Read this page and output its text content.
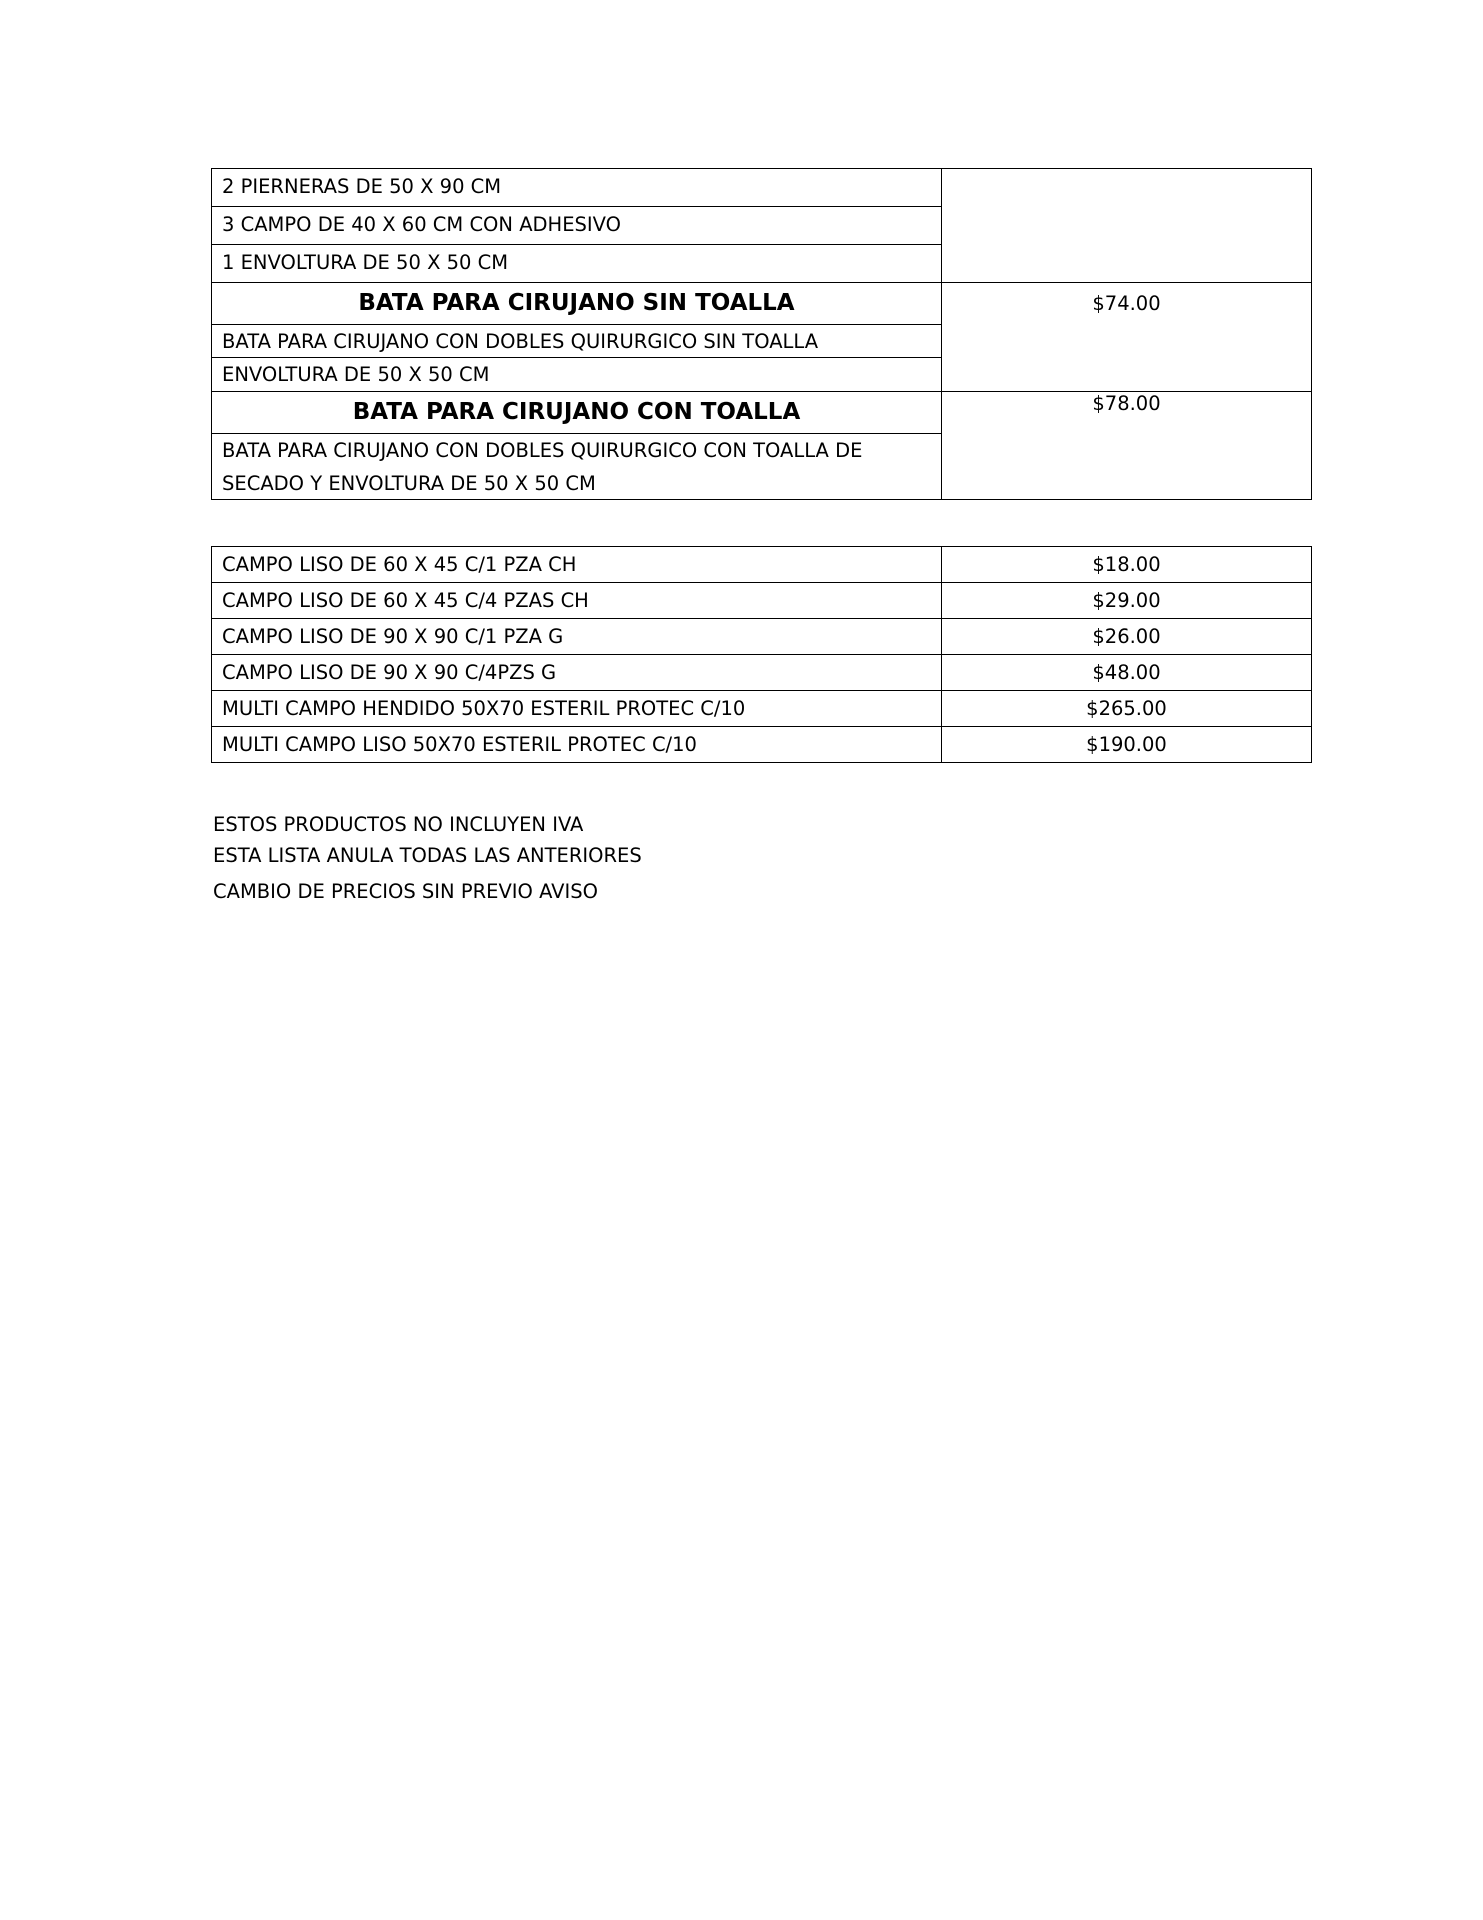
2 PIERNERAS DE 50 X 90 CM
3 CAMPO DE 40 X 60 CM CON ADHESIVO
1 ENVOLTURA DE 50 X 50 CM	

BATA PARA CIRUJANO SIN TOALLA
BATA PARA CIRUJANO CON DOBLES QUIRURGICO SIN TOALLA
ENVOLTURA DE 50 X 50 CM	$74.00

BATA PARA CIRUJANO CON TOALLA
BATA PARA CIRUJANO CON DOBLES QUIRURGICO CON TOALLA DE
SECADO Y ENVOLTURA DE 50 X 50 CM	$78.00
CAMPO LISO DE 60 X 45 C/1 PZA CH	$18.00
CAMPO LISO DE 60 X 45 C/4 PZAS CH	$29.00
CAMPO LISO DE 90 X 90 C/1 PZA G	$26.00
CAMPO LISO DE 90 X 90 C/4PZS G	$48.00
MULTI CAMPO HENDIDO 50X70 ESTERIL PROTEC C/10	$265.00
MULTI CAMPO LISO 50X70 ESTERIL PROTEC C/10	$190.00
ESTOS PRODUCTOS NO INCLUYEN IVA
ESTA LISTA ANULA TODAS LAS ANTERIORES
CAMBIO DE PRECIOS SIN PREVIO AVISO
